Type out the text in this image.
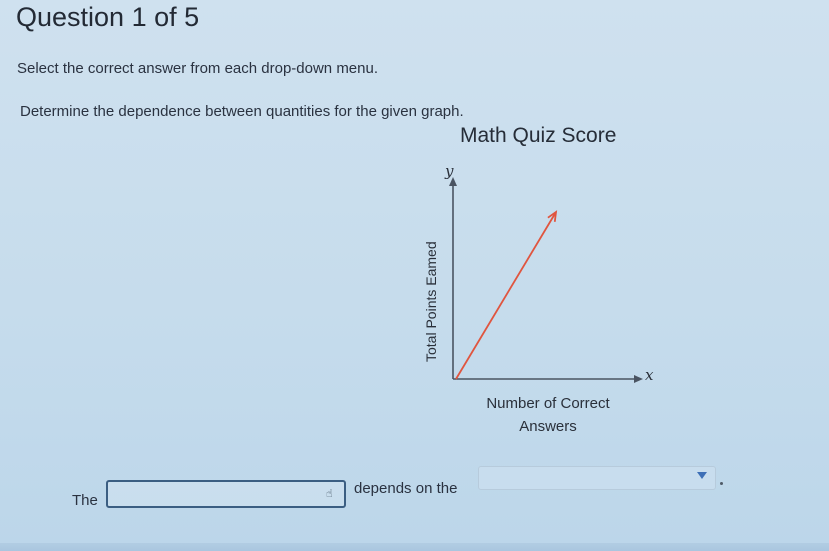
Question 1 of 5
Select the correct answer from each drop-down menu.
Determine the dependence between quantities for the given graph.
Math Quiz Score
y
x
Total Points Eamed
Number of Correct
Answers
The	☝	depends on the
